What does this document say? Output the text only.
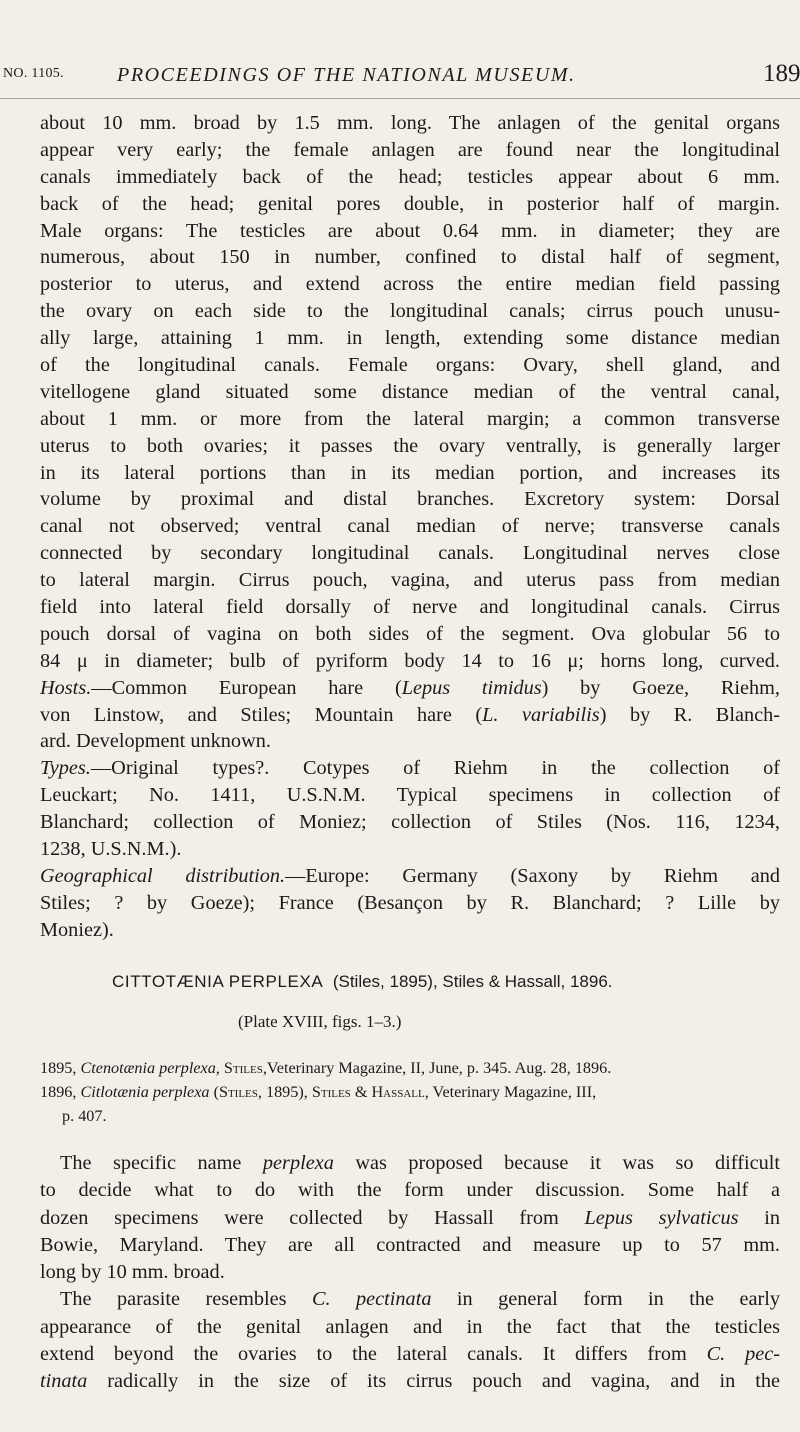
NO. 1105.	PROCEEDINGS OF THE NATIONAL MUSEUM.	189
about 10 mm. broad by 1.5 mm. long. The anlagen of the genital organs
appear very early; the female anlagen are found near the longitudinal
canals immediately back of the head; testicles appear about 6 mm.
back of the head; genital pores double, in posterior half of margin.
Male organs: The testicles are about 0.64 mm. in diameter; they are
numerous, about 150 in number, confined to distal half of segment,
posterior to uterus, and extend across the entire median field passing
the ovary on each side to the longitudinal canals; cirrus pouch unusu-
ally large, attaining 1 mm. in length, extending some distance median
of the longitudinal canals. Female organs: Ovary, shell gland, and
vitellogene gland situated some distance median of the ventral canal,
about 1 mm. or more from the lateral margin; a common transverse
uterus to both ovaries; it passes the ovary ventrally, is generally larger
in its lateral portions than in its median portion, and increases its
volume by proximal and distal branches. Excretory system: Dorsal
canal not observed; ventral canal median of nerve; transverse canals
connected by secondary longitudinal canals. Longitudinal nerves close
to lateral margin. Cirrus pouch, vagina, and uterus pass from median
field into lateral field dorsally of nerve and longitudinal canals. Cirrus
pouch dorsal of vagina on both sides of the segment. Ova globular 56 to
84 μ in diameter; bulb of pyriform body 14 to 16 μ; horns long, curved.
Hosts.—Common European hare (Lepus timidus) by Goeze, Riehm,
von Linstow, and Stiles; Mountain hare (L. variabilis) by R. Blanch-
ard. Development unknown.
Types.—Original types?. Cotypes of Riehm in the collection of
Leuckart; No. 1411, U.S.N.M. Typical specimens in collection of
Blanchard; collection of Moniez; collection of Stiles (Nos. 116, 1234,
1238, U.S.N.M.).
Geographical distribution.—Europe: Germany (Saxony by Riehm and
Stiles; ? by Goeze); France (Besançon by R. Blanchard; ? Lille by
Moniez).
CITTOTÆNIA PERPLEXA (Stiles, 1895), Stiles & Hassall, 1896.
(Plate XVIII, figs. 1–3.)
1895, Ctenotænia perplexa, Stiles,Veterinary Magazine, II, June, p. 345. Aug. 28, 1896.
1896, Citlotænia perplexa (Stiles, 1895), Stiles & Hassall, Veterinary Magazine, III,
p. 407.
The specific name perplexa was proposed because it was so difficult
to decide what to do with the form under discussion. Some half a
dozen specimens were collected by Hassall from Lepus sylvaticus in
Bowie, Maryland. They are all contracted and measure up to 57 mm.
long by 10 mm. broad.
The parasite resembles C. pectinata in general form in the early
appearance of the genital anlagen and in the fact that the testicles
extend beyond the ovaries to the lateral canals. It differs from C. pec-
tinata radically in the size of its cirrus pouch and vagina, and in the
